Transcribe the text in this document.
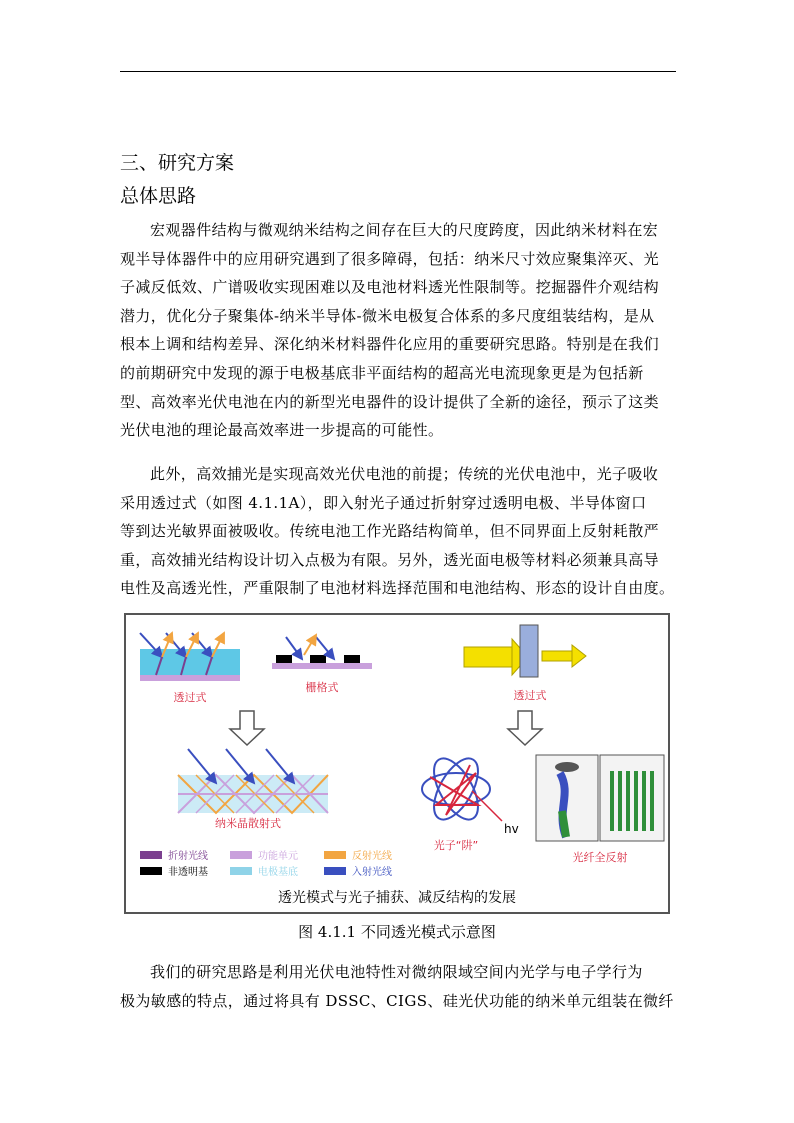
三、研究方案
总体思路
宏观器件结构与微观纳米结构之间存在巨大的尺度跨度，因此纳米材料在宏
观半导体器件中的应用研究遇到了很多障碍，包括：纳米尺寸效应聚集淬灭、光
子减反低效、广谱吸收实现困难以及电池材料透光性限制等。挖掘器件介观结构
潜力，优化分子聚集体-纳米半导体-微米电极复合体系的多尺度组装结构，是从
根本上调和结构差异、深化纳米材料器件化应用的重要研究思路。特别是在我们
的前期研究中发现的源于电极基底非平面结构的超高光电流现象更是为包括新
型、高效率光伏电池在内的新型光电器件的设计提供了全新的途径，预示了这类
光伏电池的理论最高效率进一步提高的可能性。
此外，高效捕光是实现高效光伏电池的前提；传统的光伏电池中，光子吸收
采用透过式（如图 4.1.1A），即入射光子通过折射穿过透明电极、半导体窗口
等到达光敏界面被吸收。传统电池工作光路结构简单，但不同界面上反射耗散严
重，高效捕光结构设计切入点极为有限。另外，透光面电极等材料必须兼具高导
电性及高透光性，严重限制了电池材料选择范围和电池结构、形态的设计自由度。
透过式
栅格式
透过式
纳米晶散射式	hv
光子“阱”
光纤全反射
折射光线	功能单元	反射光线
非透明基	电极基底	入射光线
透光模式与光子捕获、减反结构的发展
图 4.1.1 不同透光模式示意图
我们的研究思路是利用光伏电池特性对微纳限域空间内光学与电子学行为
极为敏感的特点，通过将具有 DSSC、CIGS、硅光伏功能的纳米单元组装在微纤
